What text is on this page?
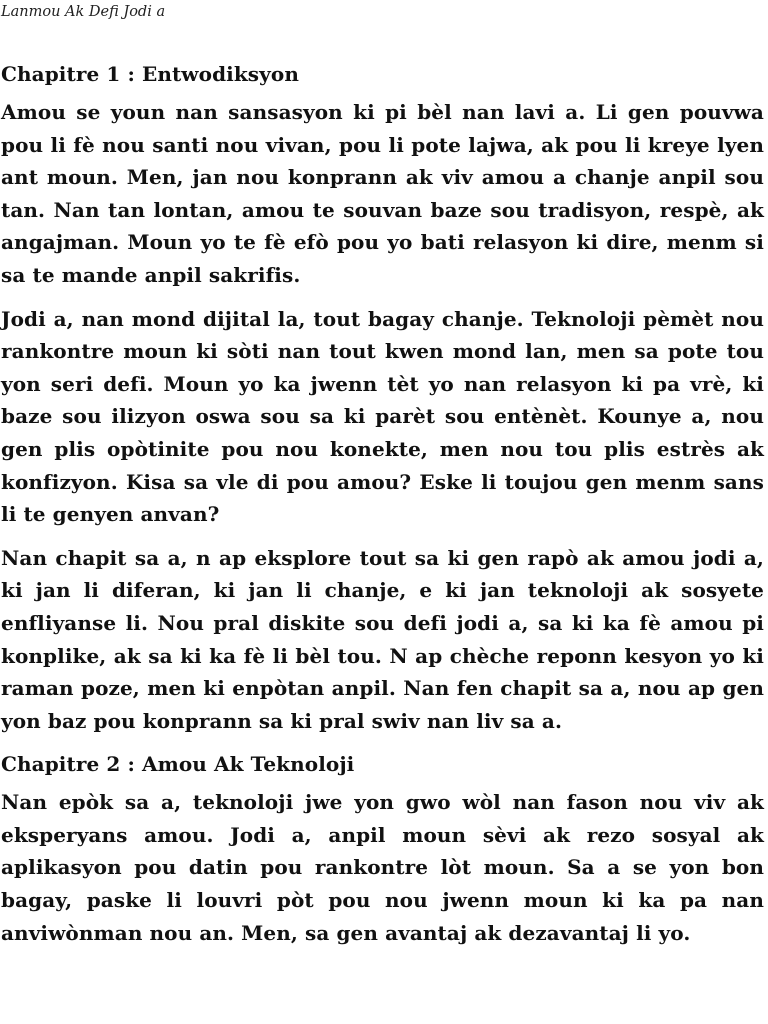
Lanmou Ak Defi Jodi a
Chapitre 1 : Entwodiksyon

Amou se youn nan sansasyon ki pi bèl nan lavi a. Li gen pouvwa pou li fè nou santi nou vivan, pou li pote lajwa, ak pou li kreye lyen ant moun. Men, jan nou konprann ak viv amou a chanje anpil sou tan. Nan tan lontan, amou te souvan baze sou tradisyon, respè, ak angajman. Moun yo te fè efò pou yo bati relasyon ki dire, menm si sa te mande anpil sakrifis.

Jodi a, nan mond dijital la, tout bagay chanje. Teknoloji pèmèt nou rankontre moun ki sòti nan tout kwen mond lan, men sa pote tou yon seri defi. Moun yo ka jwenn tèt yo nan relasyon ki pa vrè, ki baze sou ilizyon oswa sou sa ki parèt sou entènèt. Kounye a, nou gen plis opòtinite pou nou konekte, men nou tou plis estrès ak konfizyon. Kisa sa vle di pou amou? Eske li toujou gen menm sans li te genyen anvan?

Nan chapit sa a, n ap eksplore tout sa ki gen rapò ak amou jodi a, ki jan li diferan, ki jan li chanje, e ki jan teknoloji ak sosyete enfliyanse li. Nou pral diskite sou defi jodi a, sa ki ka fè amou pi konplike, ak sa ki ka fè li bèl tou. N ap chèche reponn kesyon yo ki raman poze, men ki enpòtan anpil. Nan fen chapit sa a, nou ap gen yon baz pou konprann sa ki pral swiv nan liv sa a.

Chapitre 2 : Amou Ak Teknoloji

Nan epòk sa a, teknoloji jwe yon gwo wòl nan fason nou viv ak eksperyans amou. Jodi a, anpil moun sèvi ak rezo sosyal ak aplikasyon pou datin pou rankontre lòt moun. Sa a se yon bon bagay, paske li louvri pòt pou nou jwenn moun ki ka pa nan anviwònman nou an. Men, sa gen avantaj ak dezavantaj li yo.
